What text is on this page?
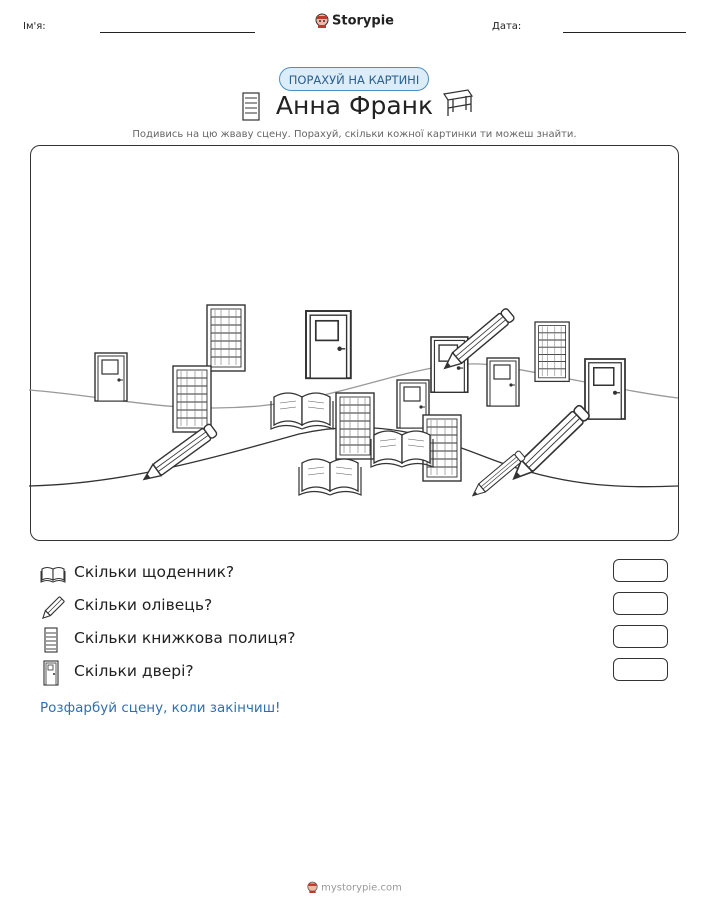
Ім'я:	Дата:
Storypie
ПОРАХУЙ НА КАРТИНІ
Анна Франк
Подивись на цю жваву сцену. Порахуй, скільки кожної картинки ти можеш знайти.
Скільки щоденник?
Скільки олівець?
Скільки книжкова полиця?
Скільки двері?
Розфарбуй сцену, коли закінчиш!
mystorypie.com
